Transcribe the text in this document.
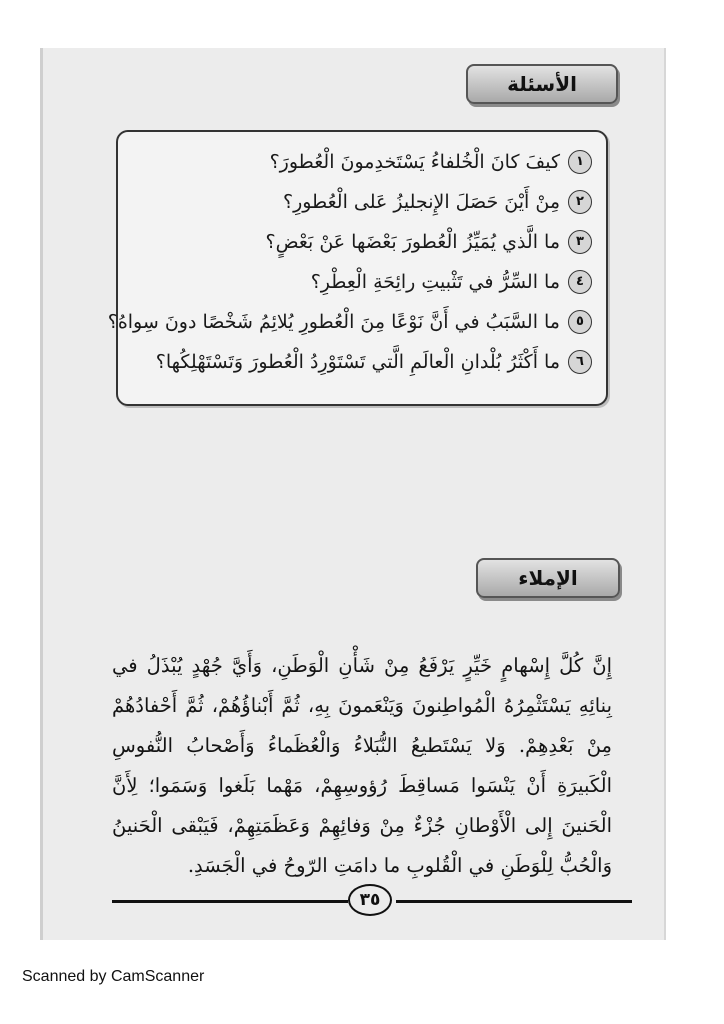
الأسئلة
١
كيفَ كانَ الْخُلفاءُ يَسْتَخدِمونَ الْعُطورَ؟
٢
مِنْ أَيْنَ حَصَلَ الإِنجليزُ عَلى الْعُطورِ؟
٣
ما الَّذي يُمَيِّزُ الْعُطورَ بَعْضَها عَنْ بَعْضٍ؟
٤
ما السِّرُّ في تَثْبيتِ رائِحَةِ الْعِطْرِ؟
٥
ما السَّبَبُ في أَنَّ نَوْعًا مِنَ الْعُطورِ يُلائِمُ شَخْصًا دونَ سِواهُ؟
٦
ما أَكْثَرُ بُلْدانِ الْعالَمِ الَّتي تَسْتَوْرِدُ الْعُطورَ وَتَسْتَهْلِكُها؟
الإملاء

إِنَّ كُلَّ إِسْهامٍ خَيِّرٍ يَرْفَعُ مِنْ شَأْنِ الْوَطَنِ، وَأَيَّ جُهْدٍ يُبْذَلُ في بِنائِهِ يَسْتَثْمِرُهُ الْمُواطِنونَ وَيَنْعَمونَ بِهِ، ثُمَّ أَبْناؤُهُمْ، ثُمَّ أَحْفادُهُمْ مِنْ بَعْدِهِمْ. وَلا يَسْتَطيعُ النُّبَلاءُ وَالْعُظَماءُ وَأَصْحابُ النُّفوسِ الْكَبيرَةِ أَنْ يَنْسَوا مَساقِطَ رُؤوسِهِمْ، مَهْما بَلَغوا وَسَمَوا؛ لِأَنَّ الْحَنينَ إِلى الْأَوْطانِ جُزْءٌ مِنْ وَفائِهِمْ وَعَظَمَتِهِمْ، فَيَبْقى الْحَنينُ وَالْحُبُّ لِلْوَطَنِ في الْقُلوبِ ما دامَتِ الرّوحُ في الْجَسَدِ.

٣٥
Scanned by CamScanner
